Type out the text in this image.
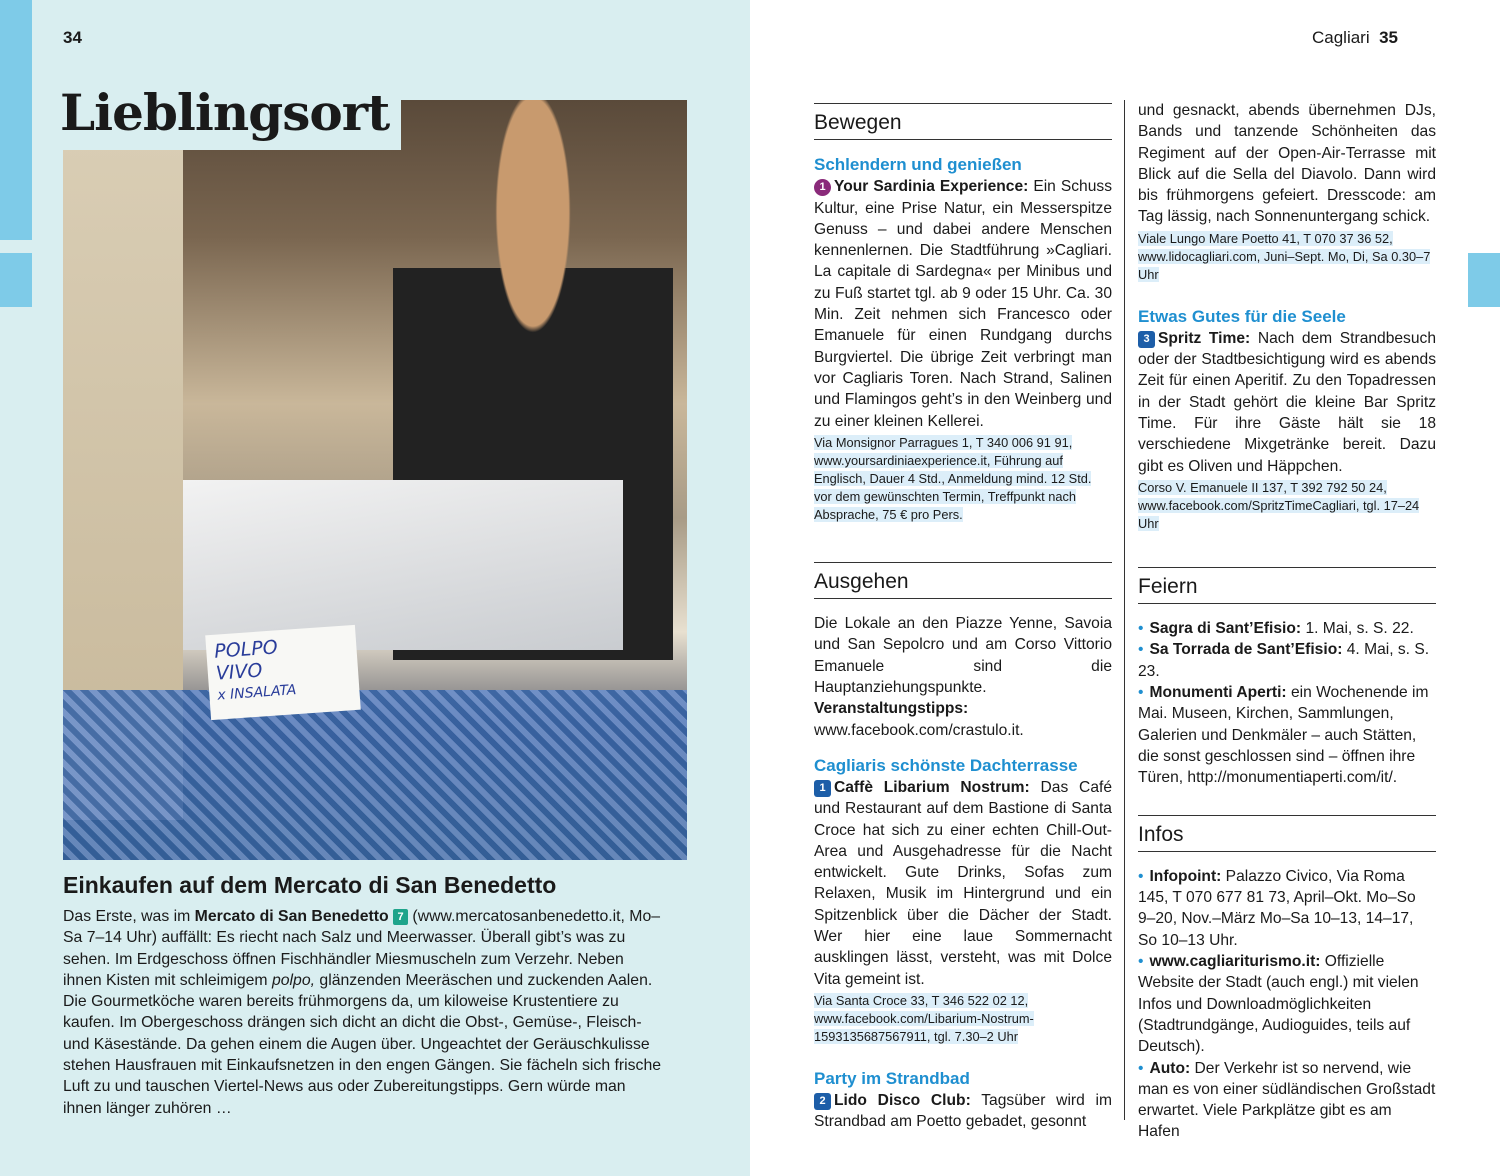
34
POLPO
VIVO
x INSALATA
Lieblingsort
Einkaufen auf dem Mercato di San Benedetto

Das Erste, was im Mercato di San Benedetto 7 (www.mercatosanbenedetto.it, Mo–Sa 7–14 Uhr) auffällt: Es riecht nach Salz und Meerwasser. Überall gibt’s was zu sehen. Im Erdgeschoss öffnen Fischhändler Miesmuscheln zum Verzehr. Neben ihnen Kisten mit schleimigem polpo, glänzenden Meeräschen und zuckenden Aalen. Die Gourmetköche waren bereits frühmorgens da, um kiloweise Krustentiere zu kaufen. Im Obergeschoss drängen sich dicht an dicht die Obst-, Gemüse-, Fleisch- und Käsestände. Da gehen einem die Augen über. Ungeachtet der Geräuschkulisse stehen Hausfrauen mit Einkaufsnetzen in den engen Gängen. Sie fächeln sich frische Luft zu und tauschen Viertel-News aus oder Zubereitungstipps. Gern würde man ihnen länger zuhören …

Cagliari 35
Bewegen
Schlendern und genießen

1 Your Sardinia Experience: Ein Schuss Kultur, eine Prise Natur, ein Messerspitze Genuss – und dabei andere Menschen kennenlernen. Die Stadtführung »Cagliari. La capitale di Sardegna« per Minibus und zu Fuß startet tgl. ab 9 oder 15 Uhr. Ca. 30 Min. Zeit nehmen sich Francesco oder Emanuele für einen Rundgang durchs Burgviertel. Die übrige Zeit verbringt man vor Cagliaris Toren. Nach Strand, Salinen und Flamingos geht’s in den Weinberg und zu einer kleinen Kellerei.

Via Monsignor Parragues 1, T 340 006 91 91, www.yoursardiniaexperience.it, Führung auf Englisch, Dauer 4 Std., Anmeldung mind. 12 Std. vor dem gewünschten Termin, Treffpunkt nach Absprache, 75 € pro Pers.

Ausgehen

Die Lokale an den Piazze Yenne, Savoia und San Sepolcro und am Corso Vittorio Emanuele sind die Hauptanziehungspunkte. Veranstaltungstipps: www.facebook.com/crastulo.it.

Cagliaris schönste Dachterrasse

1 Caffè Libarium Nostrum: Das Café und Restaurant auf dem Bastione di Santa Croce hat sich zu einer echten Chill-Out-Area und Ausgehadresse für die Nacht entwickelt. Gute Drinks, Sofas zum Relaxen, Musik im Hintergrund und ein Spitzenblick über die Dächer der Stadt. Wer hier eine laue Sommernacht ausklingen lässt, versteht, was mit Dolce Vita gemeint ist.

Via Santa Croce 33, T 346 522 02 12, www.facebook.com/Libarium-Nostrum-1593135687567911, tgl. 7.30–2 Uhr

Party im Strandbad

2 Lido Disco Club: Tagsüber wird im Strandbad am Poetto gebadet, gesonnt

und gesnackt, abends übernehmen DJs, Bands und tanzende Schönheiten das Regiment auf der Open-Air-Terrasse mit Blick auf die Sella del Diavolo. Dann wird bis frühmorgens gefeiert. Dresscode: am Tag lässig, nach Sonnenuntergang schick.

Viale Lungo Mare Poetto 41, T 070 37 36 52, www.lidocagliari.com, Juni–Sept. Mo, Di, Sa 0.30–7 Uhr

Etwas Gutes für die Seele

3 Spritz Time: Nach dem Strandbesuch oder der Stadtbesichtigung wird es abends Zeit für einen Aperitif. Zu den Topadressen in der Stadt gehört die kleine Bar Spritz Time. Für ihre Gäste hält sie 18 verschiedene Mixgetränke bereit. Dazu gibt es Oliven und Häppchen.

Corso V. Emanuele II 137, T 392 792 50 24, www.facebook.com/SpritzTimeCagliari, tgl. 17–24 Uhr

Feiern

• Sagra di Sant’Efisio: 1. Mai, s. S. 22.

• Sa Torrada de Sant’Efisio: 4. Mai, s. S. 23.

• Monumenti Aperti: ein Wochenende im Mai. Museen, Kirchen, Sammlungen, Galerien und Denkmäler – auch Stätten, die sonst geschlossen sind – öffnen ihre Türen, http://monumentiaperti.com/it/.

Infos

• Infopoint: Palazzo Civico, Via Roma 145, T 070 677 81 73, April–Okt. Mo–So 9–20, Nov.–März Mo–Sa 10–13, 14–17, So 10–13 Uhr.

• www.cagliariturismo.it: Offizielle Website der Stadt (auch engl.) mit vielen Infos und Downloadmöglichkeiten (Stadtrundgänge, Audioguides, teils auf Deutsch).

• Auto: Der Verkehr ist so nervend, wie man es von einer südländischen Großstadt erwartet. Viele Parkplätze gibt es am Hafen
